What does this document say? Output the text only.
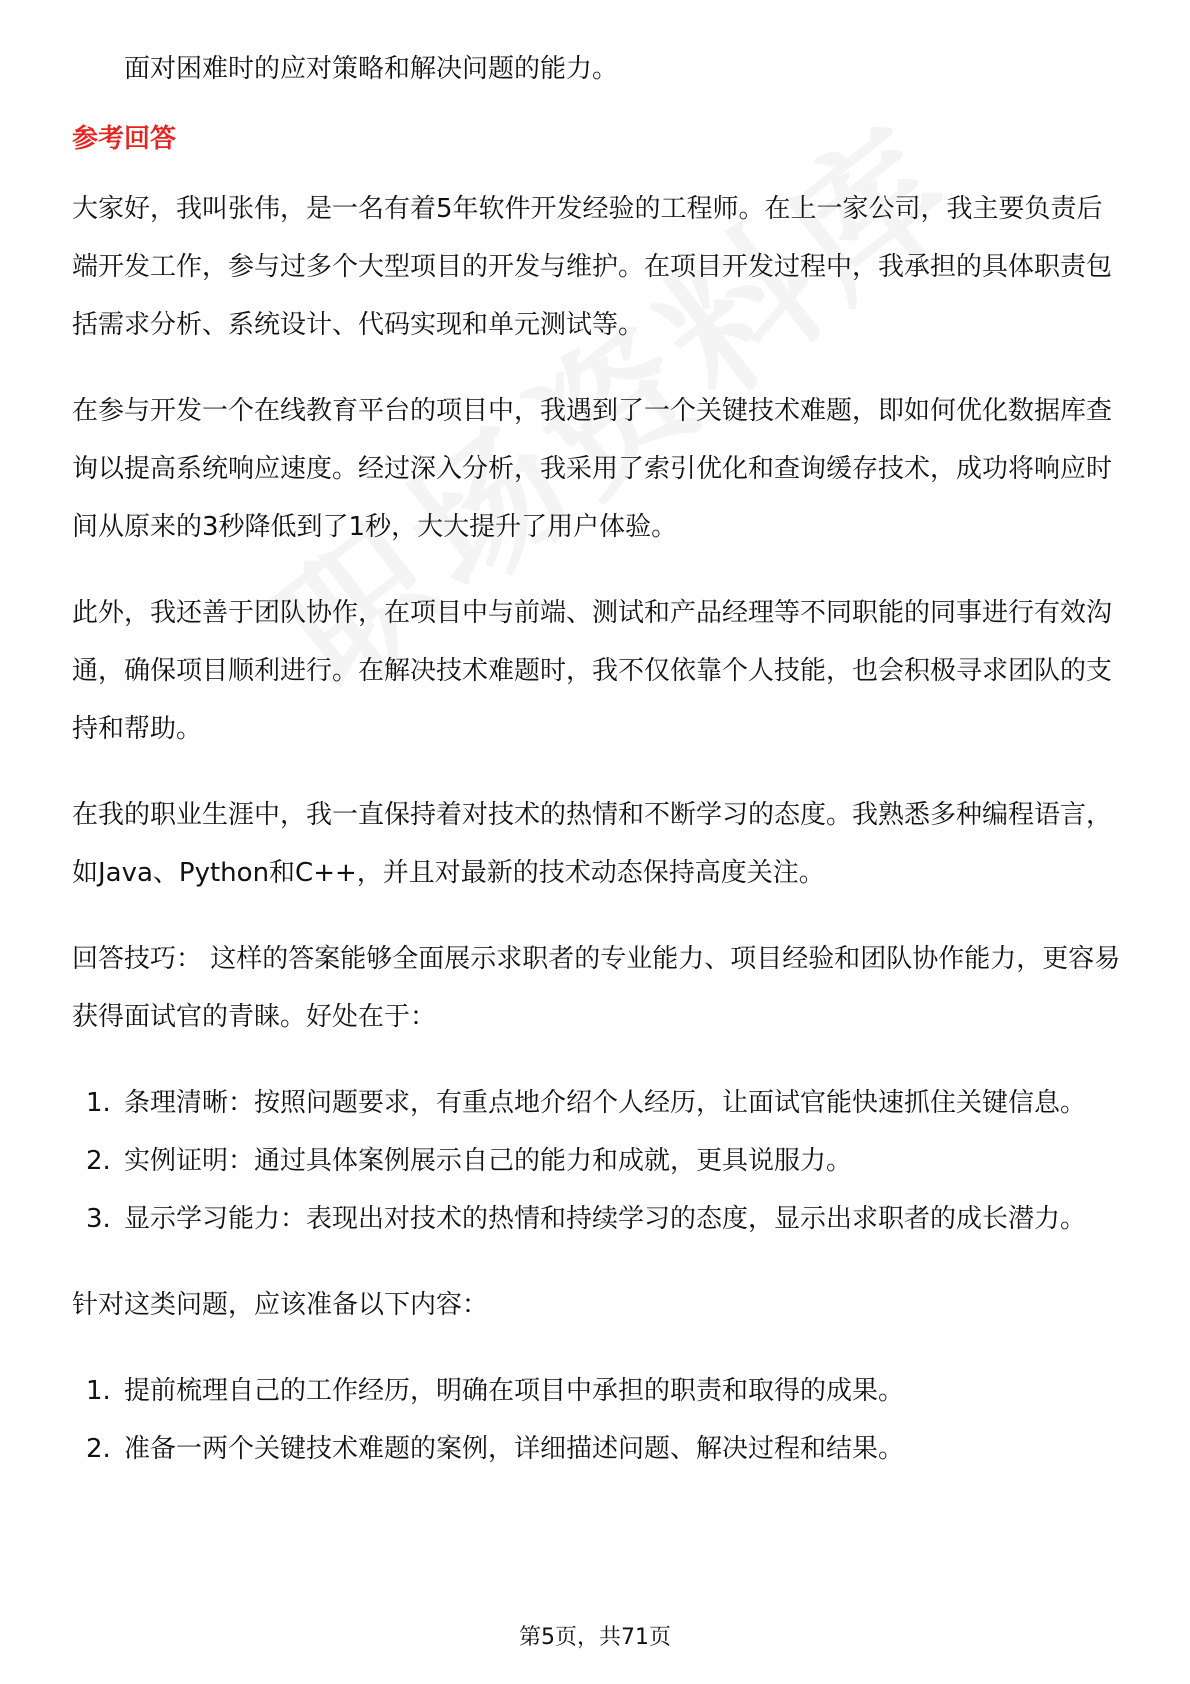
面对困难时的应对策略和解决问题的能力。

参考回答

大家好，我叫张伟，是一名有着5年软件开发经验的工程师。在上一家公司，我主要负责后端开发工作，参与过多个大型项目的开发与维护。在项目开发过程中，我承担的具体职责包括需求分析、系统设计、代码实现和单元测试等。

在参与开发一个在线教育平台的项目中，我遇到了一个关键技术难题，即如何优化数据库查询以提高系统响应速度。经过深入分析，我采用了索引优化和查询缓存技术，成功将响应时间从原来的3秒降低到了1秒，大大提升了用户体验。

此外，我还善于团队协作，在项目中与前端、测试和产品经理等不同职能的同事进行有效沟通，确保项目顺利进行。在解决技术难题时，我不仅依靠个人技能，也会积极寻求团队的支持和帮助。

在我的职业生涯中，我一直保持着对技术的热情和不断学习的态度。我熟悉多种编程语言，如Java、Python和C++，并且对最新的技术动态保持高度关注。

回答技巧： 这样的答案能够全面展示求职者的专业能力、项目经验和团队协作能力，更容易获得面试官的青睐。好处在于：

1. 条理清晰：按照问题要求，有重点地介绍个人经历，让面试官能快速抓住关键信息。
2. 实例证明：通过具体案例展示自己的能力和成就，更具说服力。
3. 显示学习能力：表现出对技术的热情和持续学习的态度，显示出求职者的成长潜力。

针对这类问题，应该准备以下内容：

1. 提前梳理自己的工作经历，明确在项目中承担的职责和取得的成果。
2. 准备一两个关键技术难题的案例，详细描述问题、解决过程和结果。
第5页，共71页
